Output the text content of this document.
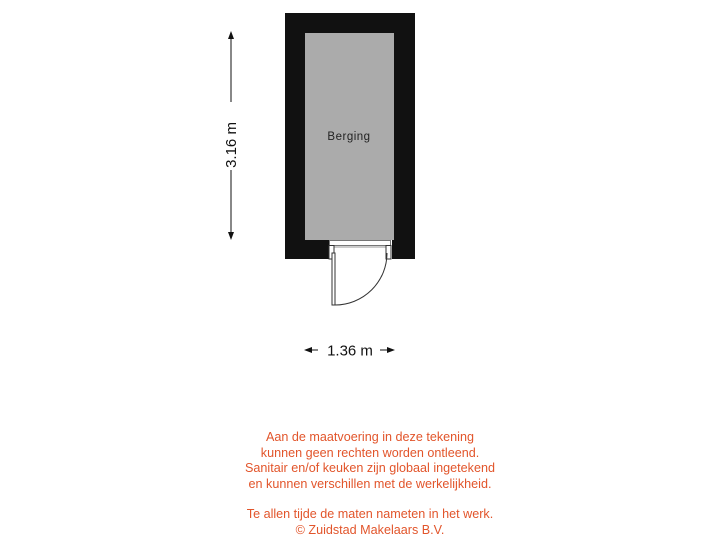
Berging
3.16 m
1.36 m
Aan de maatvoering in deze tekening
kunnen geen rechten worden ontleend.
Sanitair en/of keuken zijn globaal ingetekend
en kunnen verschillen met de werkelijkheid.
Te allen tijde de maten nameten in het werk.
© Zuidstad Makelaars B.V.
